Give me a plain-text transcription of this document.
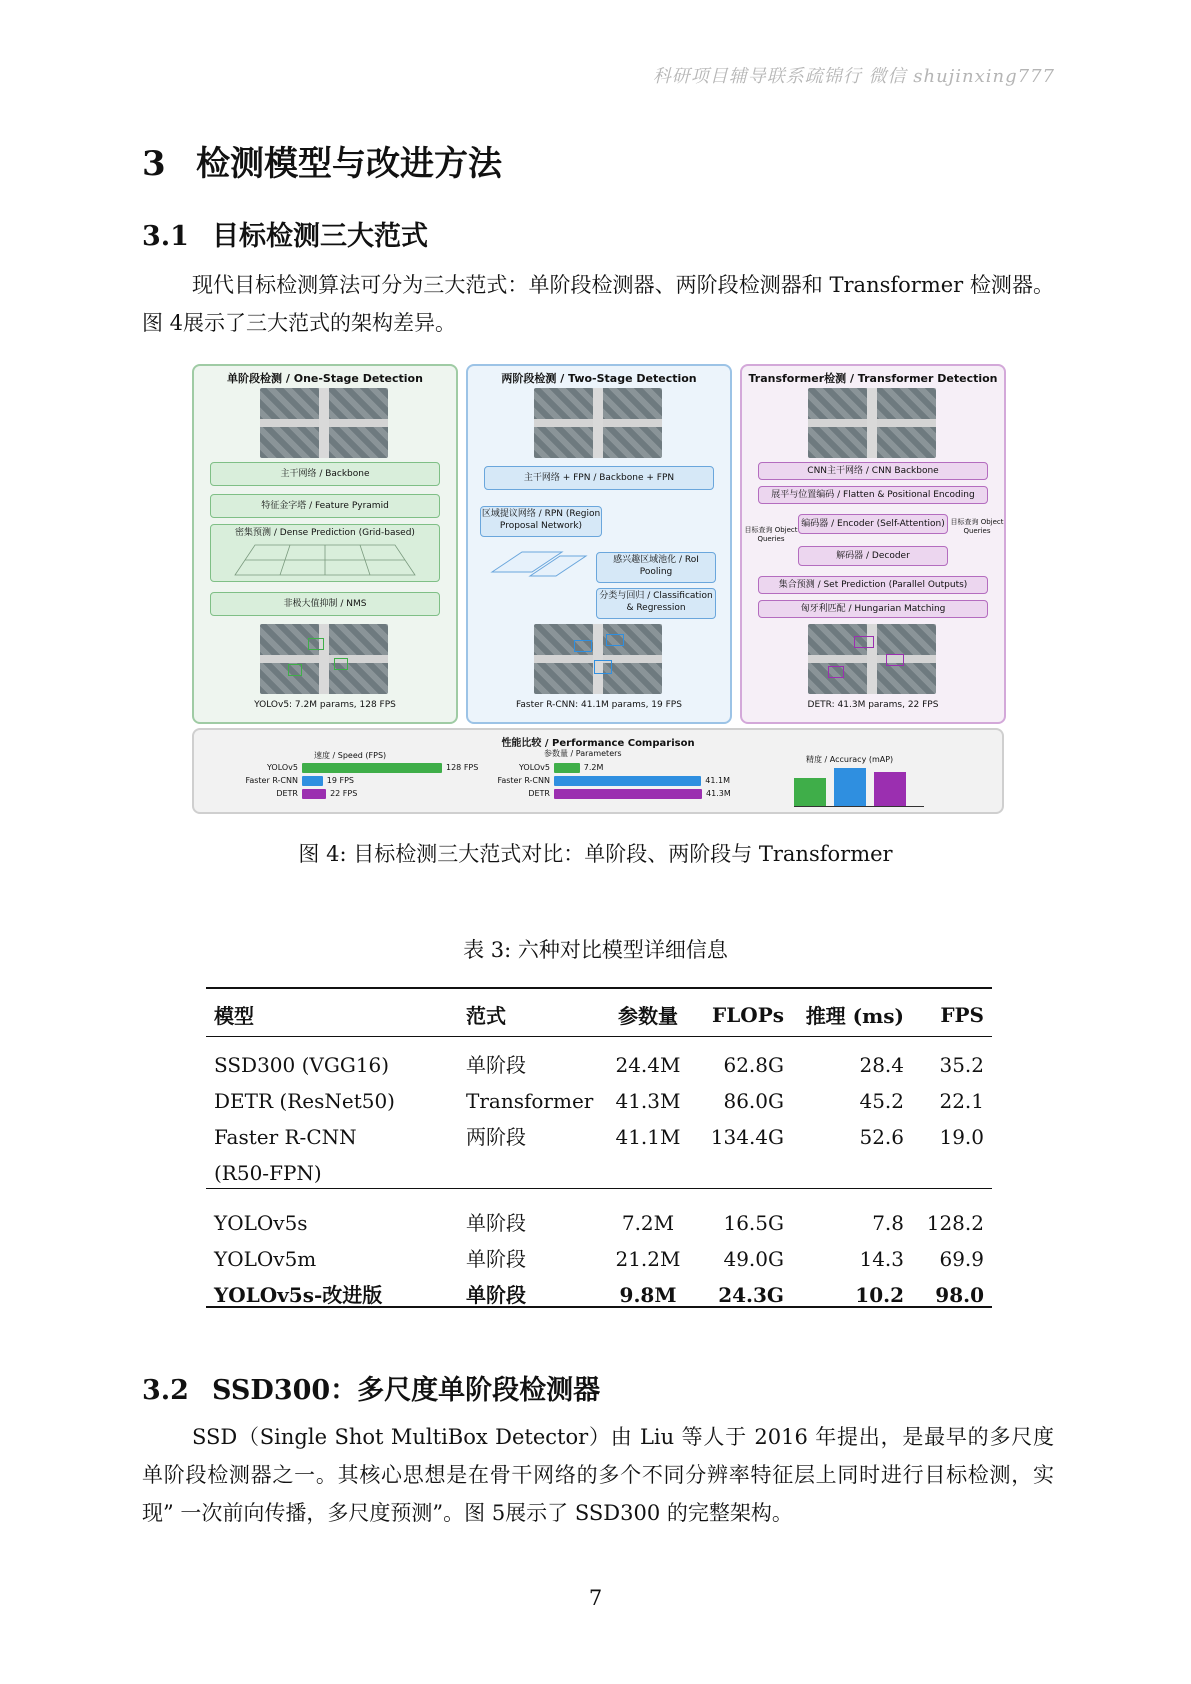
科研项目辅导联系疏锦行 微信 shujinxing777
3 检测模型与改进方法
3.1 目标检测三大范式
现代目标检测算法可分为三大范式：单阶段检测器、两阶段检测器和 Transformer 检测器。图 4展示了三大范式的架构差异。
单阶段检测 / One-Stage Detection
主干网络 / Backbone
特征金字塔 / Feature Pyramid
密集预测 / Dense Prediction (Grid-based)
非极大值抑制 / NMS
YOLOv5: 7.2M params, 128 FPS
两阶段检测 / Two-Stage Detection
主干网络 + FPN / Backbone + FPN
区域提议网络 / RPN (Region Proposal Network)
感兴趣区域池化 / RoI Pooling
分类与回归 / Classification & Regression
Faster R-CNN: 41.1M params, 19 FPS
Transformer检测 / Transformer Detection
CNN主干网络 / CNN Backbone
展平与位置编码 / Flatten & Positional Encoding
编码器 / Encoder (Self-Attention)
解码器 / Decoder
目标查询 Object Queries
目标查询 Object Queries
集合预测 / Set Prediction (Parallel Outputs)
匈牙利匹配 / Hungarian Matching
DETR: 41.3M params, 22 FPS
性能比较 / Performance Comparison
速度 / Speed (FPS)	参数量 / Parameters
精度 / Accuracy (mAP)
YOLOv5	128 FPS
Faster R-CNN	19 FPS
DETR	22 FPS
YOLOv5	7.2M
Faster R-CNN	41.1M
DETR	41.3M
图 4: 目标检测三大范式对比：单阶段、两阶段与 Transformer
表 3: 六种对比模型详细信息
模型	范式	参数量	FLOPs	推理 (ms)	FPS

SSD300 (VGG16)	单阶段	24.4M	62.8G	28.4	35.2
DETR (ResNet50)	Transformer	41.3M	86.0G	45.2	22.1
Faster R-CNN	两阶段	41.1M	134.4G	52.6	19.0
(R50-FPN)					

YOLOv5s	单阶段	7.2M	16.5G	7.8	128.2
YOLOv5m	单阶段	21.2M	49.0G	14.3	69.9
YOLOv5s-改进版	单阶段	9.8M	24.3G	10.2	98.0
3.2 SSD300：多尺度单阶段检测器
SSD（Single Shot MultiBox Detector）由 Liu 等人于 2016 年提出，是最早的多尺度单阶段检测器之一。其核心思想是在骨干网络的多个不同分辨率特征层上同时进行目标检测，实现” 一次前向传播，多尺度预测”。图 5展示了 SSD300 的完整架构。
7
